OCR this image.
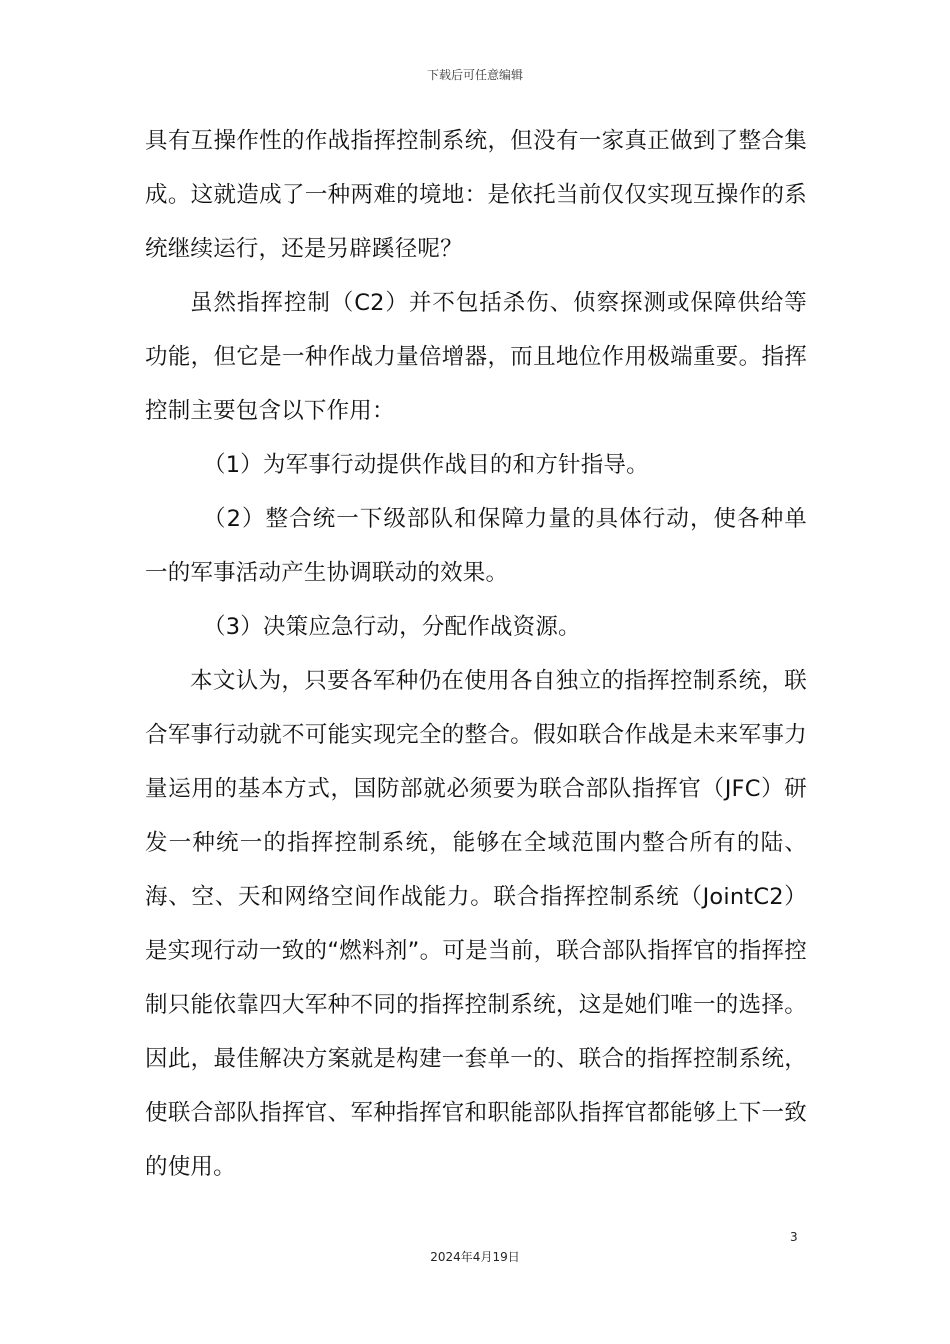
下载后可任意编辑

具有互操作性的作战指挥控制系统，但没有一家真正做到了整合集成。这就造成了一种两难的境地：是依托当前仅仅实现互操作的系统继续运行，还是另辟蹊径呢？

虽然指挥控制（C2）并不包括杀伤、侦察探测或保障供给等功能，但它是一种作战力量倍增器，而且地位作用极端重要。指挥控制主要包含以下作用：

（1）为军事行动提供作战目的和方针指导。

（2）整合统一下级部队和保障力量的具体行动，使各种单一的军事活动产生协调联动的效果。

（3）决策应急行动，分配作战资源。

本文认为，只要各军种仍在使用各自独立的指挥控制系统，联合军事行动就不可能实现完全的整合。假如联合作战是未来军事力量运用的基本方式，国防部就必须要为联合部队指挥官（JFC）研发一种统一的指挥控制系统，能够在全域范围内整合所有的陆、海、空、天和网络空间作战能力。联合指挥控制系统（JointC2）是实现行动一致的“燃料剂”。可是当前，联合部队指挥官的指挥控制只能依靠四大军种不同的指挥控制系统，这是她们唯一的选择。因此，最佳解决方案就是构建一套单一的、联合的指挥控制系统，使联合部队指挥官、军种指挥官和职能部队指挥官都能够上下一致的使用。

3
2024年4月19日
